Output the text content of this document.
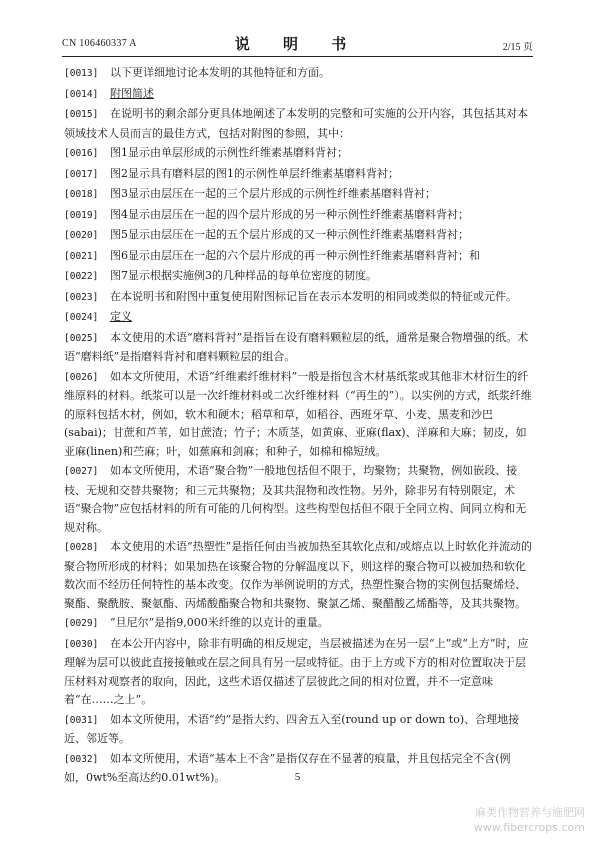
CN 106460337 A	说 明 书	2/15 页
[0013] 以下更详细地讨论本发明的其他特征和方面。
[0014] 附图简述
[0015] 在说明书的剩余部分更具体地阐述了本发明的完整和可实施的公开内容，其包括其对本领域技术人员而言的最佳方式，包括对附图的参照，其中：
[0016] 图1显示由单层形成的示例性纤维素基磨料背衬；
[0017] 图2显示具有磨料层的图1的示例性单层纤维素基磨料背衬；
[0018] 图3显示由层压在一起的三个层片形成的示例性纤维素基磨料背衬；
[0019] 图4显示由层压在一起的四个层片形成的另一种示例性纤维素基磨料背衬；
[0020] 图5显示由层压在一起的五个层片形成的又一种示例性纤维素基磨料背衬；
[0021] 图6显示由层压在一起的六个层片形成的再一种示例性纤维素基磨料背衬；和
[0022] 图7显示根据实施例3的几种样品的每单位密度的韧度。
[0023] 在本说明书和附图中重复使用附图标记旨在表示本发明的相同或类似的特征或元件。
[0024] 定义
[0025] 本文使用的术语“磨料背衬”是指旨在设有磨料颗粒层的纸，通常是聚合物增强的纸。术语“磨料纸”是指磨料背衬和磨料颗粒层的组合。
[0026] 如本文所使用，术语“纤维素纤维材料”一般是指包含木材基纸浆或其他非木材衍生的纤维原料的材料。纸浆可以是一次纤维材料或二次纤维材料（“再生的”）。以实例的方式，纸浆纤维的原料包括木材，例如，软木和硬木；稻草和草，如稻谷、西班牙草、小麦、黑麦和沙巴(sabai)；甘蔗和芦苇，如甘蔗渣；竹子；木质茎，如黄麻、亚麻(flax)、洋麻和大麻；韧皮，如亚麻(linen)和苎麻；叶，如蕉麻和剑麻；和种子，如棉和棉短绒。
[0027] 如本文所使用，术语“聚合物”一般地包括但不限于，均聚物；共聚物，例如嵌段、接枝、无规和交替共聚物；和三元共聚物；及其共混物和改性物。另外，除非另有特别限定，术语“聚合物”应包括材料的所有可能的几何构型。这些构型包括但不限于全同立构、间同立构和无规对称。
[0028] 本文使用的术语“热塑性”是指任何由当被加热至其软化点和/或熔点以上时软化并流动的聚合物所形成的材料；如果加热在该聚合物的分解温度以下，则这样的聚合物可以被加热和软化数次而不经历任何特性的基本改变。仅作为举例说明的方式，热塑性聚合物的实例包括聚烯烃、聚酯、聚酰胺、聚氨酯、丙烯酸酯聚合物和共聚物、聚氯乙烯、聚醋酸乙烯酯等，及其共聚物。
[0029] “旦尼尔”是指9,000米纤维的以克计的重量。
[0030] 在本公开内容中，除非有明确的相反规定，当层被描述为在另一层“上”或“上方”时，应理解为层可以彼此直接接触或在层之间具有另一层或特征。由于上方或下方的相对位置取决于层压材料对观察者的取向，因此，这些术语仅描述了层彼此之间的相对位置，并不一定意味着“在……之上”。
[0031] 如本文所使用，术语“约”是指大约、四舍五入至(round up or down to)、合理地接近、邻近等。
[0032] 如本文所使用，术语“基本上不含”是指仅存在不显著的痕量，并且包括完全不含(例如，0wt%至高达约0.01wt%)。	5
麻类作物营养与施肥网
www.fibercrops.com
